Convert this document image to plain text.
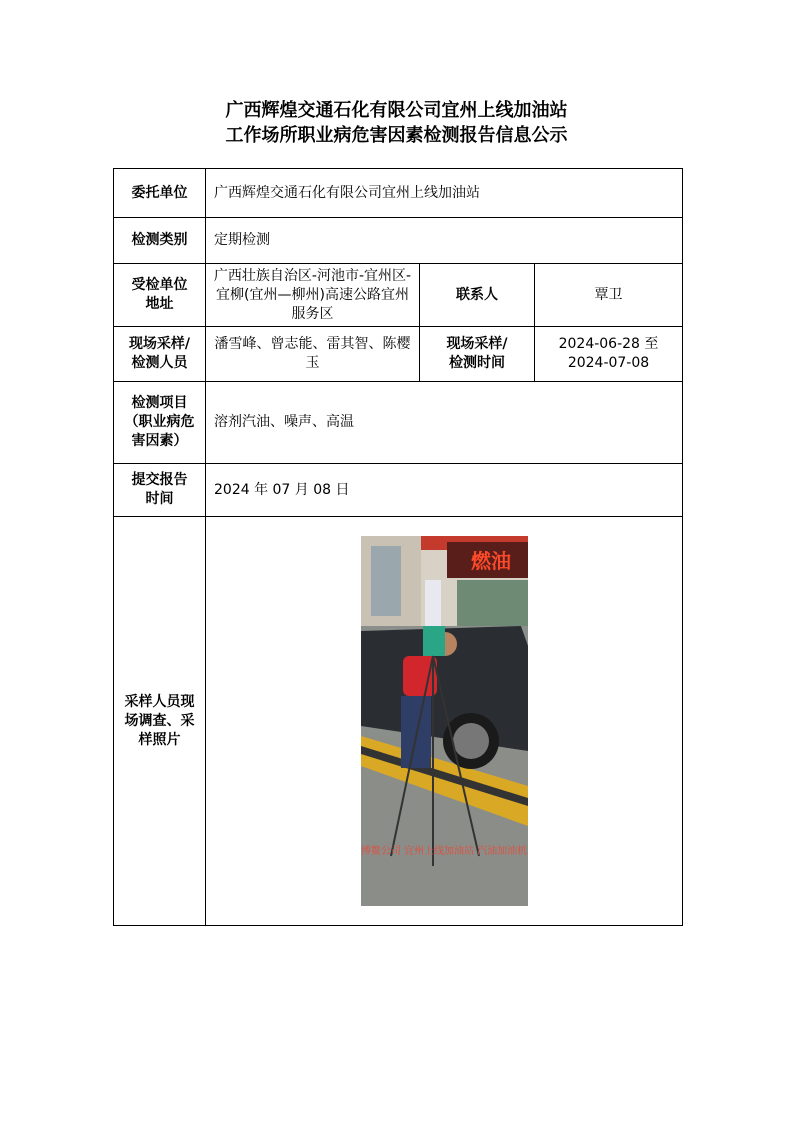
广西辉煌交通石化有限公司宜州上线加油站
工作场所职业病危害因素检测报告信息公示
委托单位	广西辉煌交通石化有限公司宜州上线加油站		
检测类别	定期检测		

受检单位地址	广西壮族自治区-河池市-宜州区-宜柳(宜州—柳州)高速公路宜州服务区	联系人	覃卫

现场采样/检测人员	潘雪峰、曾志能、雷其智、陈樱玉	现场采样/检测时间	2024-06-28 至
2024-07-08

检测项目（职业病危害因素）	溶剂汽油、噪声、高温		

提交报告时间	2024 年 07 月 08 日		

采样人员现场调查、采样照片	燃油
博鳌公司 宜州上线加油站 汽油加油机		
